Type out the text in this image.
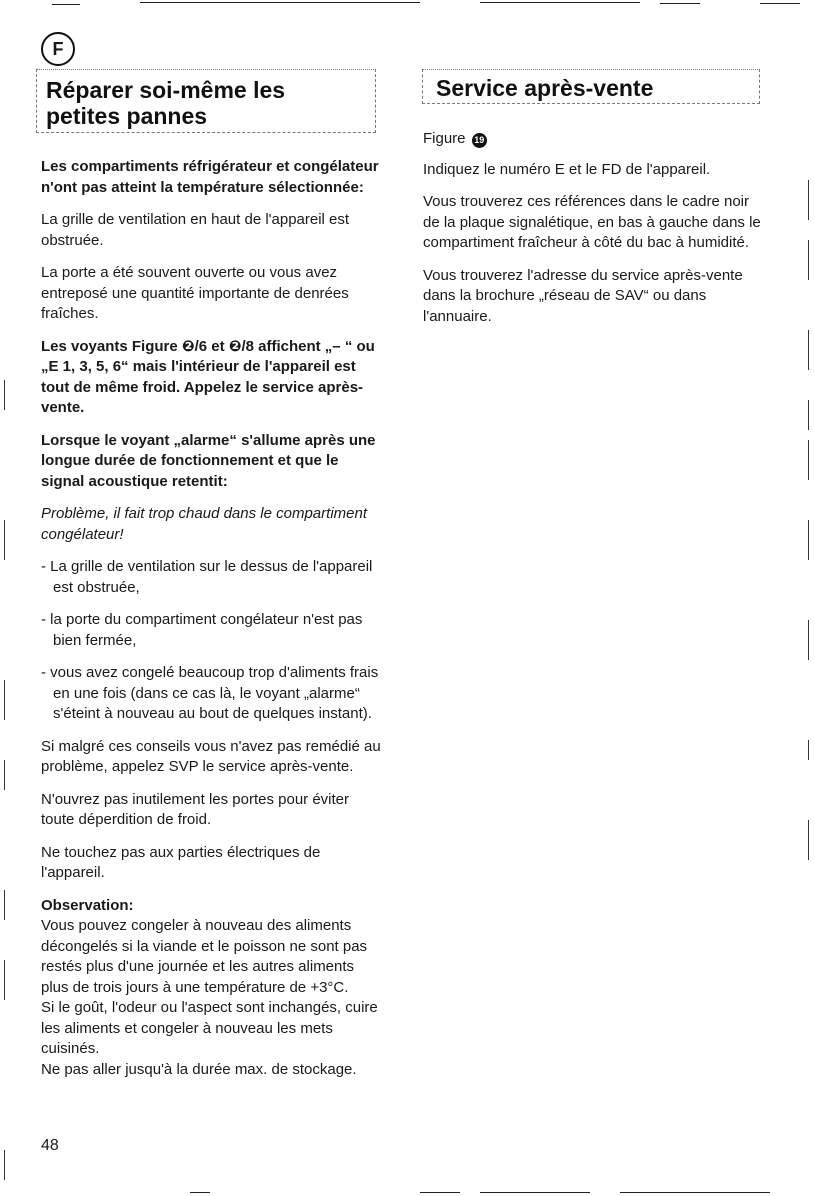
F
Réparer soi-même les
petites pannes

Les compartiments réfrigérateur et congélateur n'ont pas atteint la température sélectionnée:

La grille de ventilation en haut de l'appareil est obstruée.

La porte a été souvent ouverte ou vous avez entreposé une quantité importante de denrées fraîches.

Les voyants Figure ❷/6 et ❷/8 affichent „– “ ou „E 1, 3, 5, 6“ mais l'intérieur de l'appareil est tout de même froid. Appelez le service après-vente.

Lorsque le voyant „alarme“ s'allume après une longue durée de fonctionnement et que le signal acoustique retentit:

Problème, il fait trop chaud dans le compartiment congélateur!

- La grille de ventilation sur le dessus de l'appareil est obstruée,
- la porte du compartiment congélateur n'est pas bien fermée,
- vous avez congelé beaucoup trop d'aliments frais en une fois (dans ce cas là, le voyant „alarme“ s'éteint à nouveau au bout de quelques instant).

Si malgré ces conseils vous n'avez pas remédié au problème, appelez SVP le service après-vente.

N'ouvrez pas inutilement les portes pour éviter toute déperdition de froid.

Ne touchez pas aux parties électriques de l'appareil.

Observation:
Vous pouvez congeler à nouveau des aliments décongelés si la viande et le poisson ne sont pas restés plus d'une journée et les autres aliments plus de trois jours à une température de +3°C.
Si le goût, l'odeur ou l'aspect sont inchangés, cuire les aliments et congeler à nouveau les mets cuisinés.
Ne pas aller jusqu'à la durée max. de stockage.
Service après-vente

Figure 19

Indiquez le numéro E et le FD de l'appareil.

Vous trouverez ces références dans le cadre noir de la plaque signalétique, en bas à gauche dans le compartiment fraîcheur à côté du bac à humidité.

Vous trouverez l'adresse du service après-vente dans la brochure „réseau de SAV“ ou dans l'annuaire.

48
